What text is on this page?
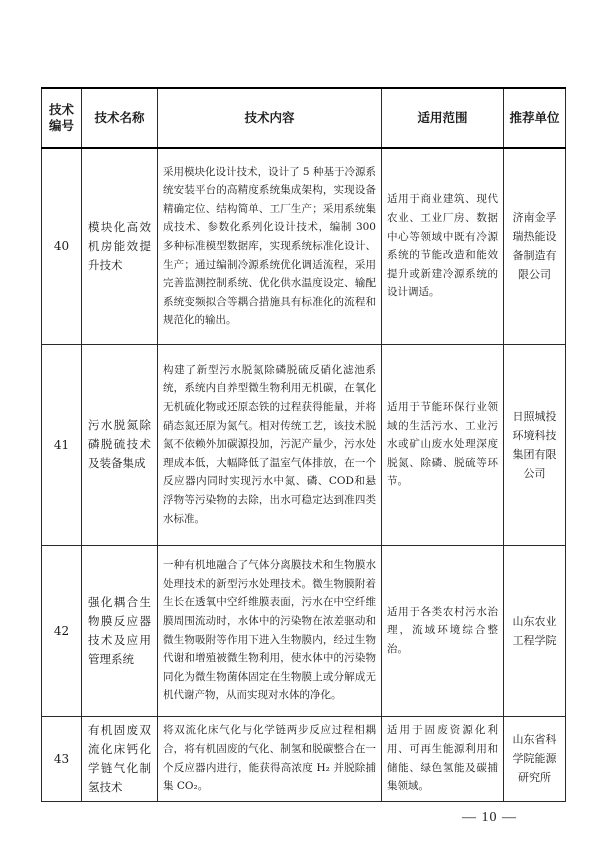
技术编号	技术名称	技术内容	适用范围	推荐单位
40	模块化高效机房能效提升技术	采用模块化设计技术，设计了 5 种基于冷源系统安装平台的高精度系统集成架构，实现设备精确定位、结构简单、工厂生产；采用系统集成技术、参数化系列化设计技术，编制 300 多种标准模型数据库，实现系统标准化设计、生产；通过编制冷源系统优化调适流程，采用完善监测控制系统、优化供水温度设定、输配系统变频拟合等耦合措施具有标准化的流程和规范化的输出。	适用于商业建筑、现代农业、工业厂房、数据中心等领域中既有冷源系统的节能改造和能效提升或新建冷源系统的设计调适。	济南金孚瑞热能设备制造有限公司
41	污水脱氮除磷脱硫技术及装备集成	构建了新型污水脱氮除磷脱硫反硝化滤池系统，系统内自养型微生物利用无机碳，在氧化无机硫化物或还原态铁的过程获得能量，并将硝态氮还原为氮气。相对传统工艺，该技术脱氮不依赖外加碳源投加，污泥产量少，污水处理成本低，大幅降低了温室气体排放，在一个反应器内同时实现污水中氮、磷、COD和悬浮物等污染物的去除，出水可稳定达到准四类水标准。	适用于节能环保行业领域的生活污水、工业污水或矿山废水处理深度脱氮、除磷、脱硫等环节。	日照城投环境科技集团有限公司
42	强化耦合生物膜反应器技术及应用管理系统	一种有机地融合了气体分离膜技术和生物膜水处理技术的新型污水处理技术。微生物膜附着生长在透氧中空纤维膜表面，污水在中空纤维膜周围流动时，水体中的污染物在浓差驱动和微生物吸附等作用下进入生物膜内，经过生物代谢和增殖被微生物利用，使水体中的污染物同化为微生物菌体固定在生物膜上或分解成无机代谢产物，从而实现对水体的净化。	适用于各类农村污水治理，流域环境综合整治。	山东农业工程学院
43	有机固废双流化床钙化学链气化制氢技术	将双流化床气化与化学链两步反应过程相耦合，将有机固废的气化、制氢和脱碳整合在一个反应器内进行，能获得高浓度 H₂ 并脱除捕集 CO₂。	适用于固废资源化利用、可再生能源利用和储能、绿色氢能及碳捕集领域。	山东省科学院能源研究所
— 10 —
